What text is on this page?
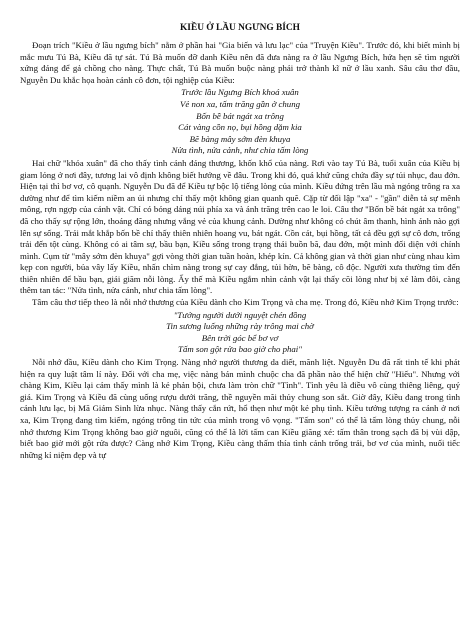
KIỀU Ở LẦU NGƯNG BÍCH

Đoạn trích "Kiều ở lầu ngưng bích" nằm ở phần hai "Gia biến và lưu lạc" của "Truyện Kiều". Trước đó, khi biết mình bị mắc mưu Tú Bà, Kiều đã tự sát. Tú Bà muốn đỡ danh Kiều nên đã đưa nàng ra ở lầu Ngưng Bích, hứa hẹn sẽ tìm người xứng đáng để gả chồng cho nàng. Thực chất, Tú Bà muốn buộc nàng phải trở thành kĩ nữ ở lầu xanh. Sâu câu thơ đầu, Nguyễn Du khắc họa hoàn cảnh cô đơn, tội nghiệp của Kiều:

Trước lầu Ngưng Bích khoá xuân
Vẻ non xa, tấm trăng gần ở chung
Bốn bề bát ngát xa trông
Cát vàng cồn nọ, bụi hồng dặm kia
Bẽ bàng mây sớm đèn khuya
Nửa tình, nửa cảnh, như chia tấm lòng

Hai chữ "khóa xuân" đã cho thấy tình cảnh đáng thương, khốn khổ của nàng. Rơi vào tay Tú Bà, tuổi xuân của Kiều bị giam lỏng ở nơi đây, tương lai vô định không biết hướng về đâu. Trong khi đó, quá khứ cũng chứa đầy sự tủi nhục, đau đớn. Hiện tại thì bơ vơ, cô quạnh. Nguyễn Du đã để Kiều tự bộc lộ tiếng lòng của mình. Kiều đứng trên lầu mà ngóng trông ra xa dường như để tìm kiếm niềm an ủi nhưng chỉ thấy một không gian quanh quẽ. Cặp từ đối lập "xa" - "gần" diễn tả sự mênh mông, rợn ngợp của cảnh vật. Chỉ có bóng dáng núi phía xa và ánh trăng trên cao le loi. Câu thơ "Bốn bề bát ngát xa trông" đã cho thấy sự rộng lớn, thoáng đãng nhưng vắng vẻ của khung cảnh. Dường như không có chút âm thanh, hình ảnh nào gợi lên sự sống. Trải mắt khắp bốn bề chỉ thấy thiên nhiên hoang vu, bát ngát. Cồn cát, bụi hồng, tất cả đều gợi sự cô đơn, trống trải đến tột cùng. Không có ai tâm sự, bầu bạn, Kiều sống trong trạng thái buồn bã, đau đớn, một mình đối diện với chính mình. Cụm từ "mây sớm đèn khuya" gợi vòng thời gian tuần hoàn, khép kín. Cả không gian và thời gian như cùng nhau kìm kẹp con người, bủa vây lấy Kiều, nhấn chìm nàng trong sự cay đắng, tủi hờn, bẽ bàng, cô độc. Người xưa thường tìm đến thiên nhiên để bầu bạn, giải giãm nỗi lòng. Ấy thế mà Kiều ngắm nhìn cảnh vật lại thấy cõi lòng như bị xé làm đôi, càng thêm tan tác: "Nửa tình, nửa cảnh, như chia tấm lòng".

Tâm câu thơ tiếp theo là nỗi nhớ thương của Kiều dành cho Kim Trọng và cha mẹ. Trong đó, Kiều nhớ Kim Trọng trước:

"Tưởng người dưới nguyệt chén đồng
Tin sương luống những rày trông mai chờ
Bên trời góc bể bơ vơ
Tấm son gột rửa bao giờ cho phai"

Nỗi nhớ đầu, Kiều dành cho Kim Trọng. Nàng nhớ người thương da diết, mãnh liệt. Nguyễn Du đã rất tinh tế khi phát hiện ra quy luật tâm lí này. Đối với cha mẹ, việc nàng bán mình chuộc cha đã phần nào thể hiện chữ "Hiếu". Nhưng với chàng Kim, Kiều lại cảm thấy mình là kẻ phản bội, chưa làm tròn chữ "Tình". Tình yêu là điều vô cùng thiêng liêng, quý giá. Kim Trọng và Kiều đã cùng uống rượu dưới trăng, thề nguyền mãi thủy chung son sắt. Giờ đây, Kiều đang trong tình cảnh lưu lạc, bị Mã Giám Sinh lừa nhục. Nàng thấy cắn rứt, hổ thẹn như một kẻ phụ tình. Kiều tưởng tượng ra cảnh ở nơi xa, Kim Trọng đang tìm kiếm, ngóng trông tin tức của mình trong vô vọng. "Tấm son" có thể là tấm lòng thủy chung, nỗi nhớ thương Kim Trọng không bao giờ nguôi, cũng có thể là lời tấm can Kiều giãng xé: tấm thân trong sạch đã bị vùi dập, biết bao giờ mới gột rửa được? Càng nhớ Kim Trọng, Kiều càng thấm thía tình cảnh trống trải, bơ vơ của mình, nuối tiếc những kỉ niệm đẹp và tự
